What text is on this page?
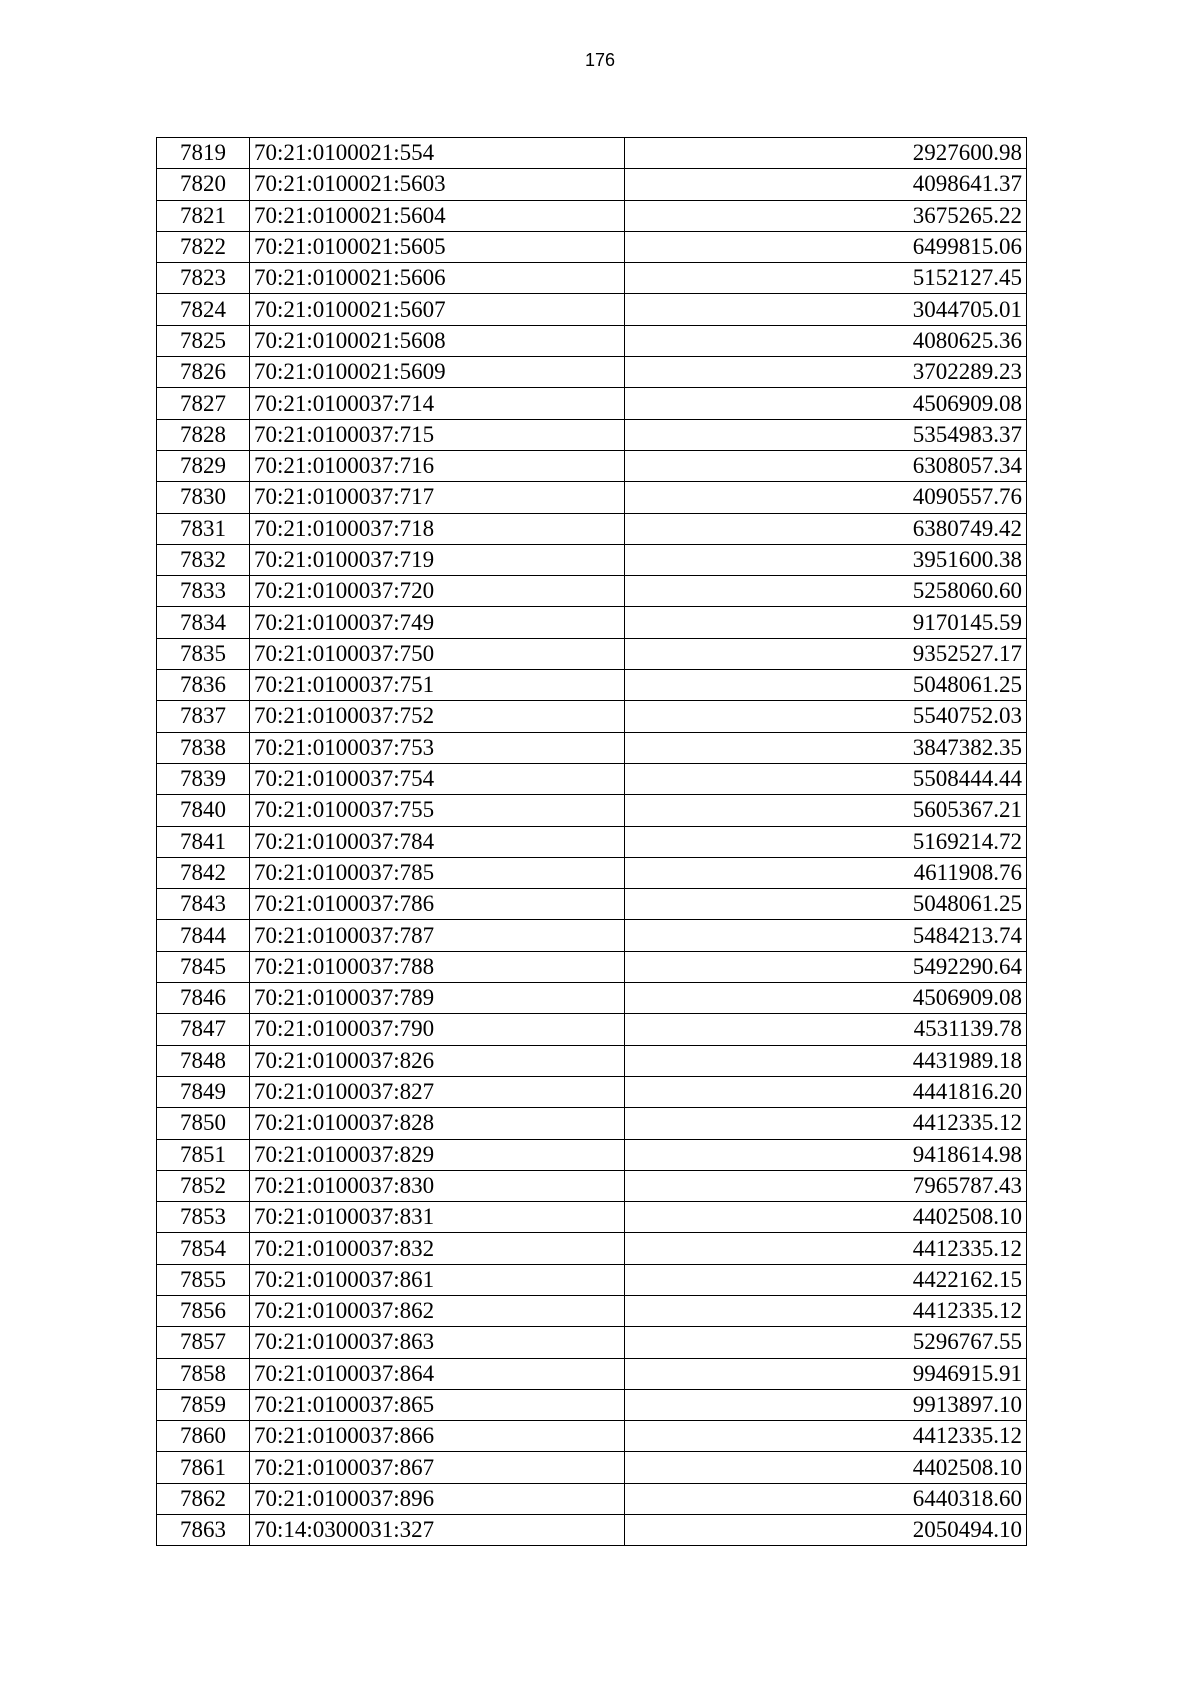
176
7819	70:21:0100021:554	2927600.98
7820	70:21:0100021:5603	4098641.37
7821	70:21:0100021:5604	3675265.22
7822	70:21:0100021:5605	6499815.06
7823	70:21:0100021:5606	5152127.45
7824	70:21:0100021:5607	3044705.01
7825	70:21:0100021:5608	4080625.36
7826	70:21:0100021:5609	3702289.23
7827	70:21:0100037:714	4506909.08
7828	70:21:0100037:715	5354983.37
7829	70:21:0100037:716	6308057.34
7830	70:21:0100037:717	4090557.76
7831	70:21:0100037:718	6380749.42
7832	70:21:0100037:719	3951600.38
7833	70:21:0100037:720	5258060.60
7834	70:21:0100037:749	9170145.59
7835	70:21:0100037:750	9352527.17
7836	70:21:0100037:751	5048061.25
7837	70:21:0100037:752	5540752.03
7838	70:21:0100037:753	3847382.35
7839	70:21:0100037:754	5508444.44
7840	70:21:0100037:755	5605367.21
7841	70:21:0100037:784	5169214.72
7842	70:21:0100037:785	4611908.76
7843	70:21:0100037:786	5048061.25
7844	70:21:0100037:787	5484213.74
7845	70:21:0100037:788	5492290.64
7846	70:21:0100037:789	4506909.08
7847	70:21:0100037:790	4531139.78
7848	70:21:0100037:826	4431989.18
7849	70:21:0100037:827	4441816.20
7850	70:21:0100037:828	4412335.12
7851	70:21:0100037:829	9418614.98
7852	70:21:0100037:830	7965787.43
7853	70:21:0100037:831	4402508.10
7854	70:21:0100037:832	4412335.12
7855	70:21:0100037:861	4422162.15
7856	70:21:0100037:862	4412335.12
7857	70:21:0100037:863	5296767.55
7858	70:21:0100037:864	9946915.91
7859	70:21:0100037:865	9913897.10
7860	70:21:0100037:866	4412335.12
7861	70:21:0100037:867	4402508.10
7862	70:21:0100037:896	6440318.60
7863	70:14:0300031:327	2050494.10
